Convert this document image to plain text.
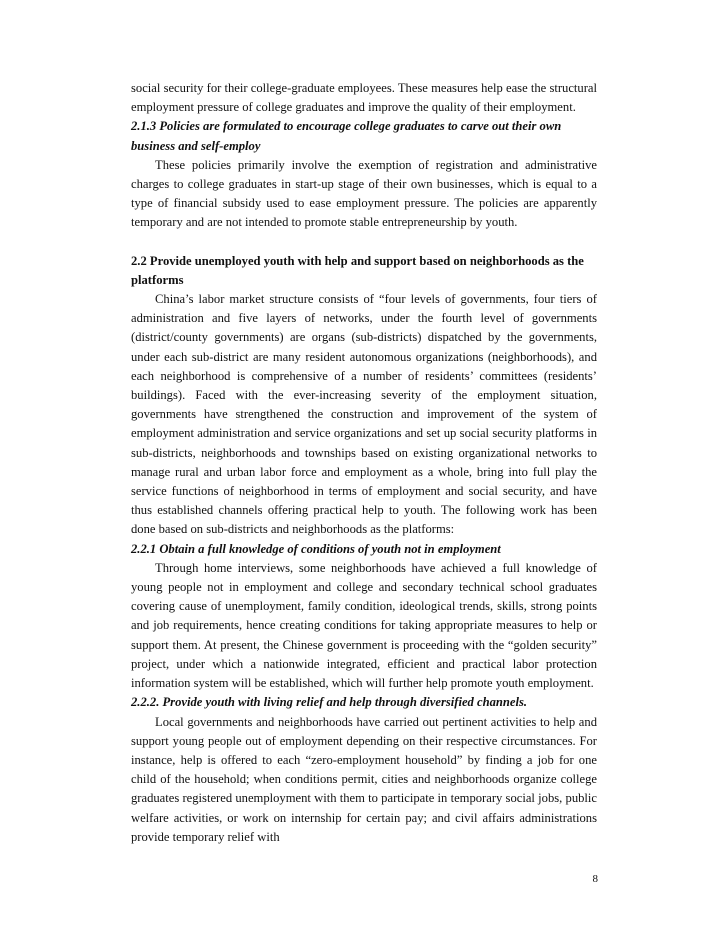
social security for their college-graduate employees. These measures help ease the structural employment pressure of college graduates and improve the quality of their employment.

2.1.3 Policies are formulated to encourage college graduates to carve out their own business and self-employ

These policies primarily involve the exemption of registration and administrative charges to college graduates in start-up stage of their own businesses, which is equal to a type of financial subsidy used to ease employment pressure. The policies are apparently temporary and are not intended to promote stable entrepreneurship by youth.

2.2 Provide unemployed youth with help and support based on neighborhoods as the platforms

China’s labor market structure consists of “four levels of governments, four tiers of administration and five layers of networks, under the fourth level of governments (district/county governments) are organs (sub-districts) dispatched by the governments, under each sub-district are many resident autonomous organizations (neighborhoods), and each neighborhood is comprehensive of a number of residents’ committees (residents’ buildings). Faced with the ever-increasing severity of the employment situation, governments have strengthened the construction and improvement of the system of employment administration and service organizations and set up social security platforms in sub-districts, neighborhoods and townships based on existing organizational networks to manage rural and urban labor force and employment as a whole, bring into full play the service functions of neighborhood in terms of employment and social security, and have thus established channels offering practical help to youth. The following work has been done based on sub-districts and neighborhoods as the platforms:

2.2.1 Obtain a full knowledge of conditions of youth not in employment

Through home interviews, some neighborhoods have achieved a full knowledge of young people not in employment and college and secondary technical school graduates covering cause of unemployment, family condition, ideological trends, skills, strong points and job requirements, hence creating conditions for taking appropriate measures to help or support them. At present, the Chinese government is proceeding with the “golden security” project, under which a nationwide integrated, efficient and practical labor protection information system will be established, which will further help promote youth employment.

2.2.2. Provide youth with living relief and help through diversified channels.

Local governments and neighborhoods have carried out pertinent activities to help and support young people out of employment depending on their respective circumstances. For instance, help is offered to each “zero-employment household” by finding a job for one child of the household; when conditions permit, cities and neighborhoods organize college graduates registered unemployment with them to participate in temporary social jobs, public welfare activities, or work on internship for certain pay; and civil affairs administrations provide temporary relief with

8
